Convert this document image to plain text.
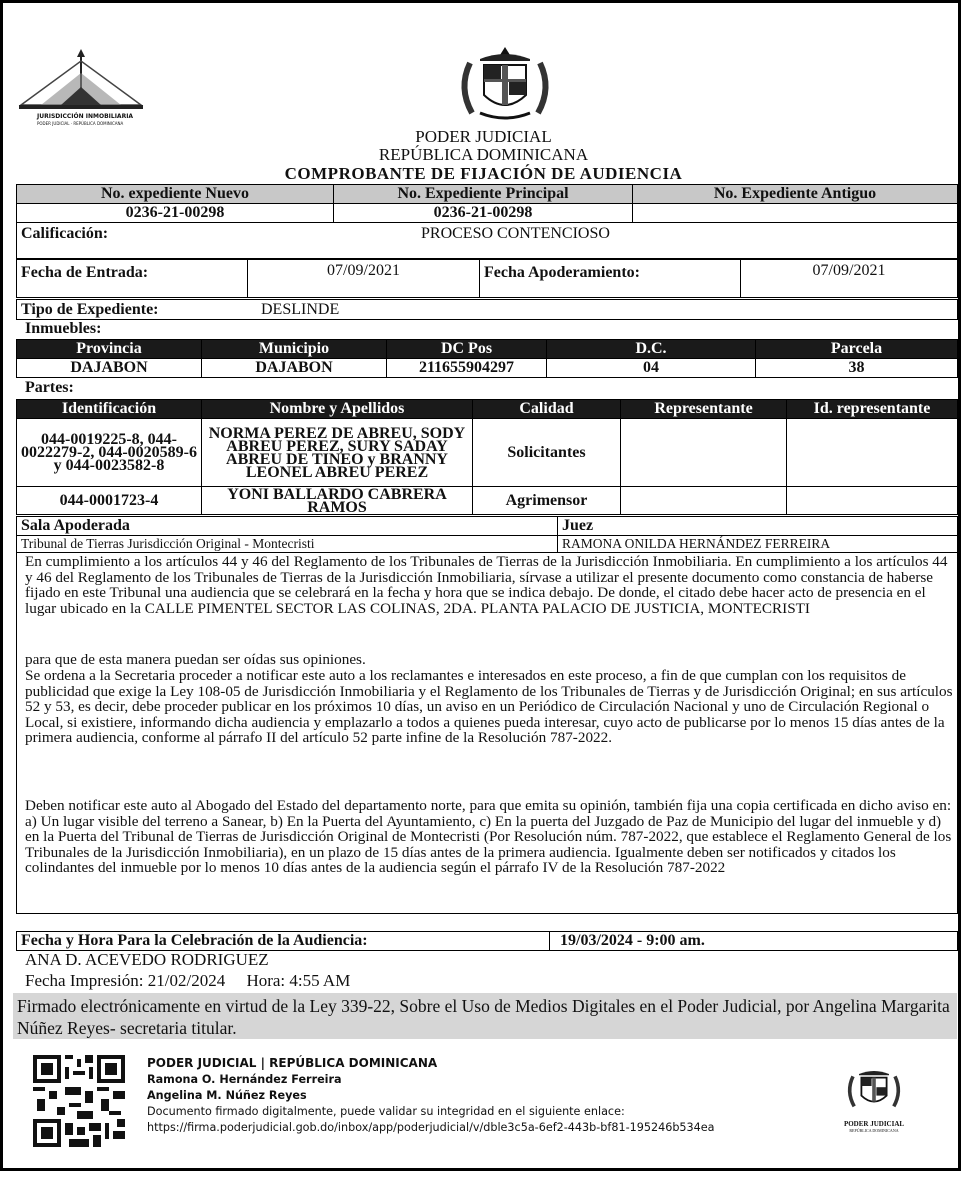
JURISDICCIÓN INMOBILIARIA
PODER JUDICIAL · REPÚBLICA DOMINICANA
PODER JUDICIAL
REPÚBLICA DOMINICANA
COMPROBANTE DE FIJACIÓN DE AUDIENCIA
No. expediente Nuevo	No. Expediente Principal	No. Expediente Antiguo
0236-21-00298	0236-21-00298	
Calificación:	PROCESO CONTENCIOSO
Fecha de Entrada:	07/09/2021	Fecha Apoderamiento:	07/09/2021
Tipo de Expediente:	DESLINDE
Inmuebles:
Provincia	Municipio	DC Pos	D.C.	Parcela
DAJABON	DAJABON	211655904297	04	38
Partes:
Identificación	Nombre y Apellidos	Calidad	Representante	Id. representante
044-0019225-8, 044-0022279-2, 044-0020589-6 y 044-0023582-8	NORMA PEREZ DE ABREU, SODY ABREU PEREZ, SURY SADAY ABREU DE TINEO y BRANNY LEONEL ABREU PEREZ	Solicitantes		
044-0001723-4	YONI BALLARDO CABRERA RAMOS	Agrimensor		
Sala Apoderada	Juez
Tribunal de Tierras Jurisdicción Original - Montecristi	RAMONA ONILDA HERNÁNDEZ FERREIRA
En cumplimiento a los artículos 44 y 46 del Reglamento de los Tribunales de Tierras de la Jurisdicción Inmobiliaria. En cumplimiento a los artículos 44 y 46 del Reglamento de los Tribunales de Tierras de la Jurisdicción Inmobiliaria, sírvase a utilizar el presente documento como constancia de haberse fijado en este Tribunal una audiencia que se celebrará en la fecha y hora que se indica debajo. De donde, el citado debe hacer acto de presencia en el lugar ubicado en la CALLE PIMENTEL SECTOR LAS COLINAS, 2DA. PLANTA PALACIO DE JUSTICIA, MONTECRISTI
para que de esta manera puedan ser oídas sus opiniones.
Se ordena a la Secretaria proceder a notificar este auto a los reclamantes e interesados en este proceso, a fin de que cumplan con los requisitos de publicidad que exige la Ley 108-05 de Jurisdicción Inmobiliaria y el Reglamento de los Tribunales de Tierras y de Jurisdicción Original; en sus artículos 52 y 53, es decir, debe proceder publicar en los próximos 10 días, un aviso en un Periódico de Circulación Nacional y uno de Circulación Regional o Local, si existiere, informando dicha audiencia y emplazarlo a todos a quienes pueda interesar, cuyo acto de publicarse por lo menos 15 días antes de la primera audiencia, conforme al párrafo II del artículo 52 parte infine de la Resolución 787-2022.
Deben notificar este auto al Abogado del Estado del departamento norte, para que emita su opinión, también fija una copia certificada en dicho aviso en: a) Un lugar visible del terreno a Sanear, b) En la Puerta del Ayuntamiento, c) En la puerta del Juzgado de Paz de Municipio del lugar del inmueble y d) en la Puerta del Tribunal de Tierras de Jurisdicción Original de Montecristi (Por Resolución núm. 787-2022, que establece el Reglamento General de los Tribunales de la Jurisdicción Inmobiliaria), en un plazo de 15 días antes de la primera audiencia. Igualmente deben ser notificados y citados los colindantes del inmueble por lo menos 10 días antes de la audiencia según el párrafo IV de la Resolución 787-2022
Fecha y Hora Para la Celebración de la Audiencia:	19/03/2024 - 9:00 am.
ANA D. ACEVEDO RODRIGUEZ
Fecha Impresión: 21/02/2024     Hora: 4:55 AM
Firmado electrónicamente en virtud de la Ley 339-22, Sobre el Uso de Medios Digitales en el Poder Judicial, por Angelina Margarita Núñez Reyes- secretaria titular.
PODER JUDICIAL | REPÚBLICA DOMINICANA
Ramona O. Hernández Ferreira
Angelina M. Núñez Reyes
Documento firmado digitalmente, puede validar su integridad en el siguiente enlace:
https://firma.poderjudicial.gob.do/inbox/app/poderjudicial/v/dble3c5a-6ef2-443b-bf81-195246b534ea	PODER JUDICIAL
REPÚBLICA DOMINICANA
